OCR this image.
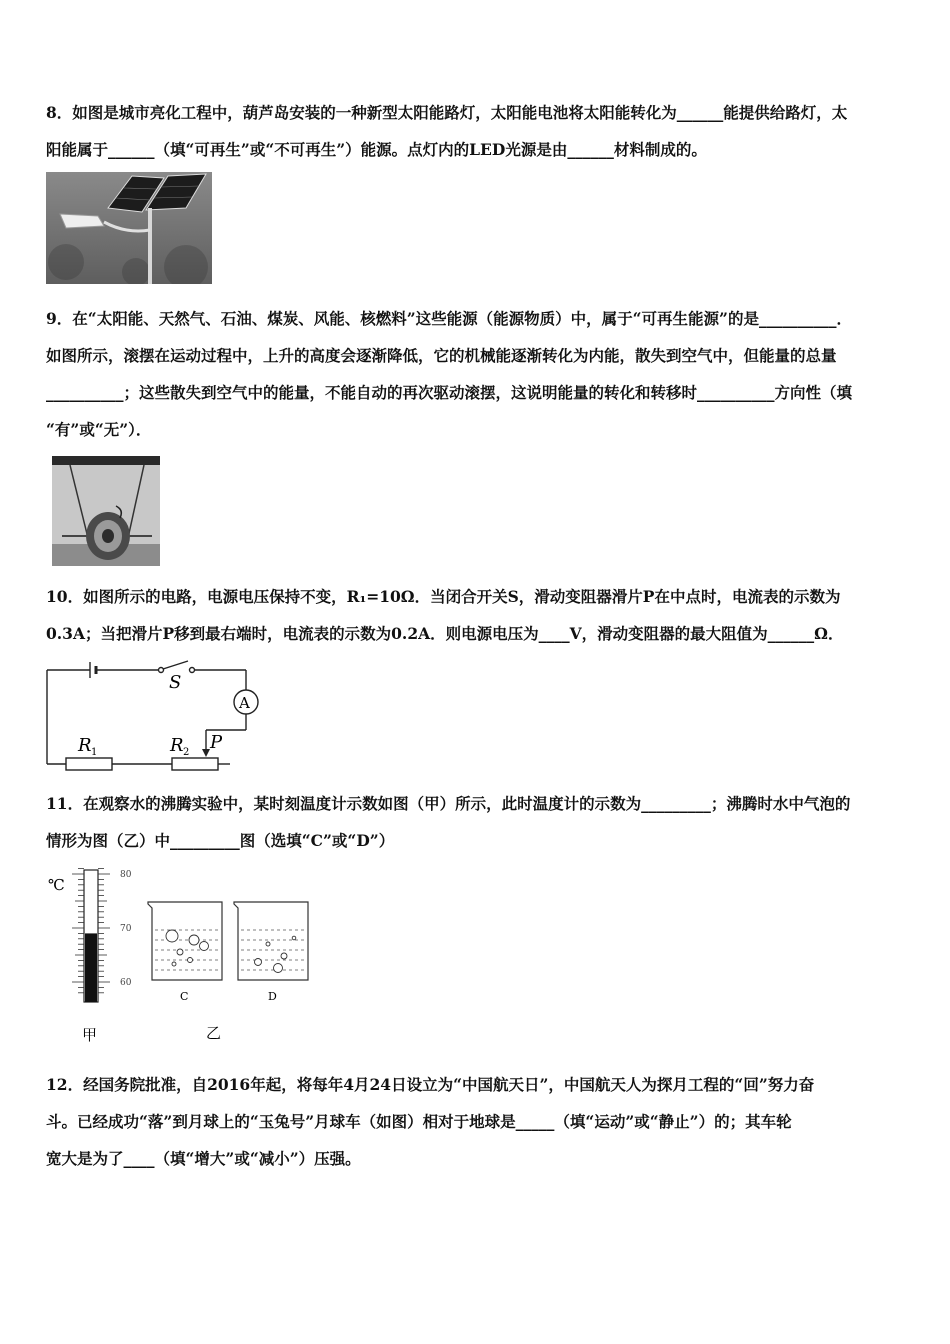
8．如图是城市亮化工程中，葫芦岛安装的一种新型太阳能路灯，太阳能电池将太阳能转化为______能提供给路灯，太

阳能属于______（填“可再生”或“不可再生”）能源。点灯内的LED光源是由______材料制成的。

9．在“太阳能、天然气、石油、煤炭、风能、核燃料”这些能源（能源物质）中，属于“可再生能源”的是__________．

如图所示，滚摆在运动过程中，上升的高度会逐渐降低，它的机械能逐渐转化为内能，散失到空气中，但能量的总量

__________；这些散失到空气中的能量，不能自动的再次驱动滚摆，这说明能量的转化和转移时__________方向性（填

“有”或“无”）．

10．如图所示的电路，电源电压保持不变，R₁=10Ω．当闭合开关S，滑动变阻器滑片P在中点时，电流表的示数为

0.3A；当把滑片P移到最右端时，电流表的示数为0.2A．则电源电压为____V，滑动变阻器的最大阻值为______Ω．

S
A
R 1	R 2 P

11．在观察水的沸腾实验中，某时刻温度计示数如图（甲）所示，此时温度计的示数为_________；沸腾时水中气泡的

情形为图（乙）中_________图（选填“C”或“D”）

℃
80
70
60
甲
C	D
乙

12．经国务院批准，自2016年起，将每年4月24日设立为“中国航天日”，中国航天人为探月工程的“回”努力奋

斗。已经成功“落”到月球上的“玉兔号”月球车（如图）相对于地球是_____（填“运动”或“静止”）的；其车轮

宽大是为了____（填“增大”或“减小”）压强。
